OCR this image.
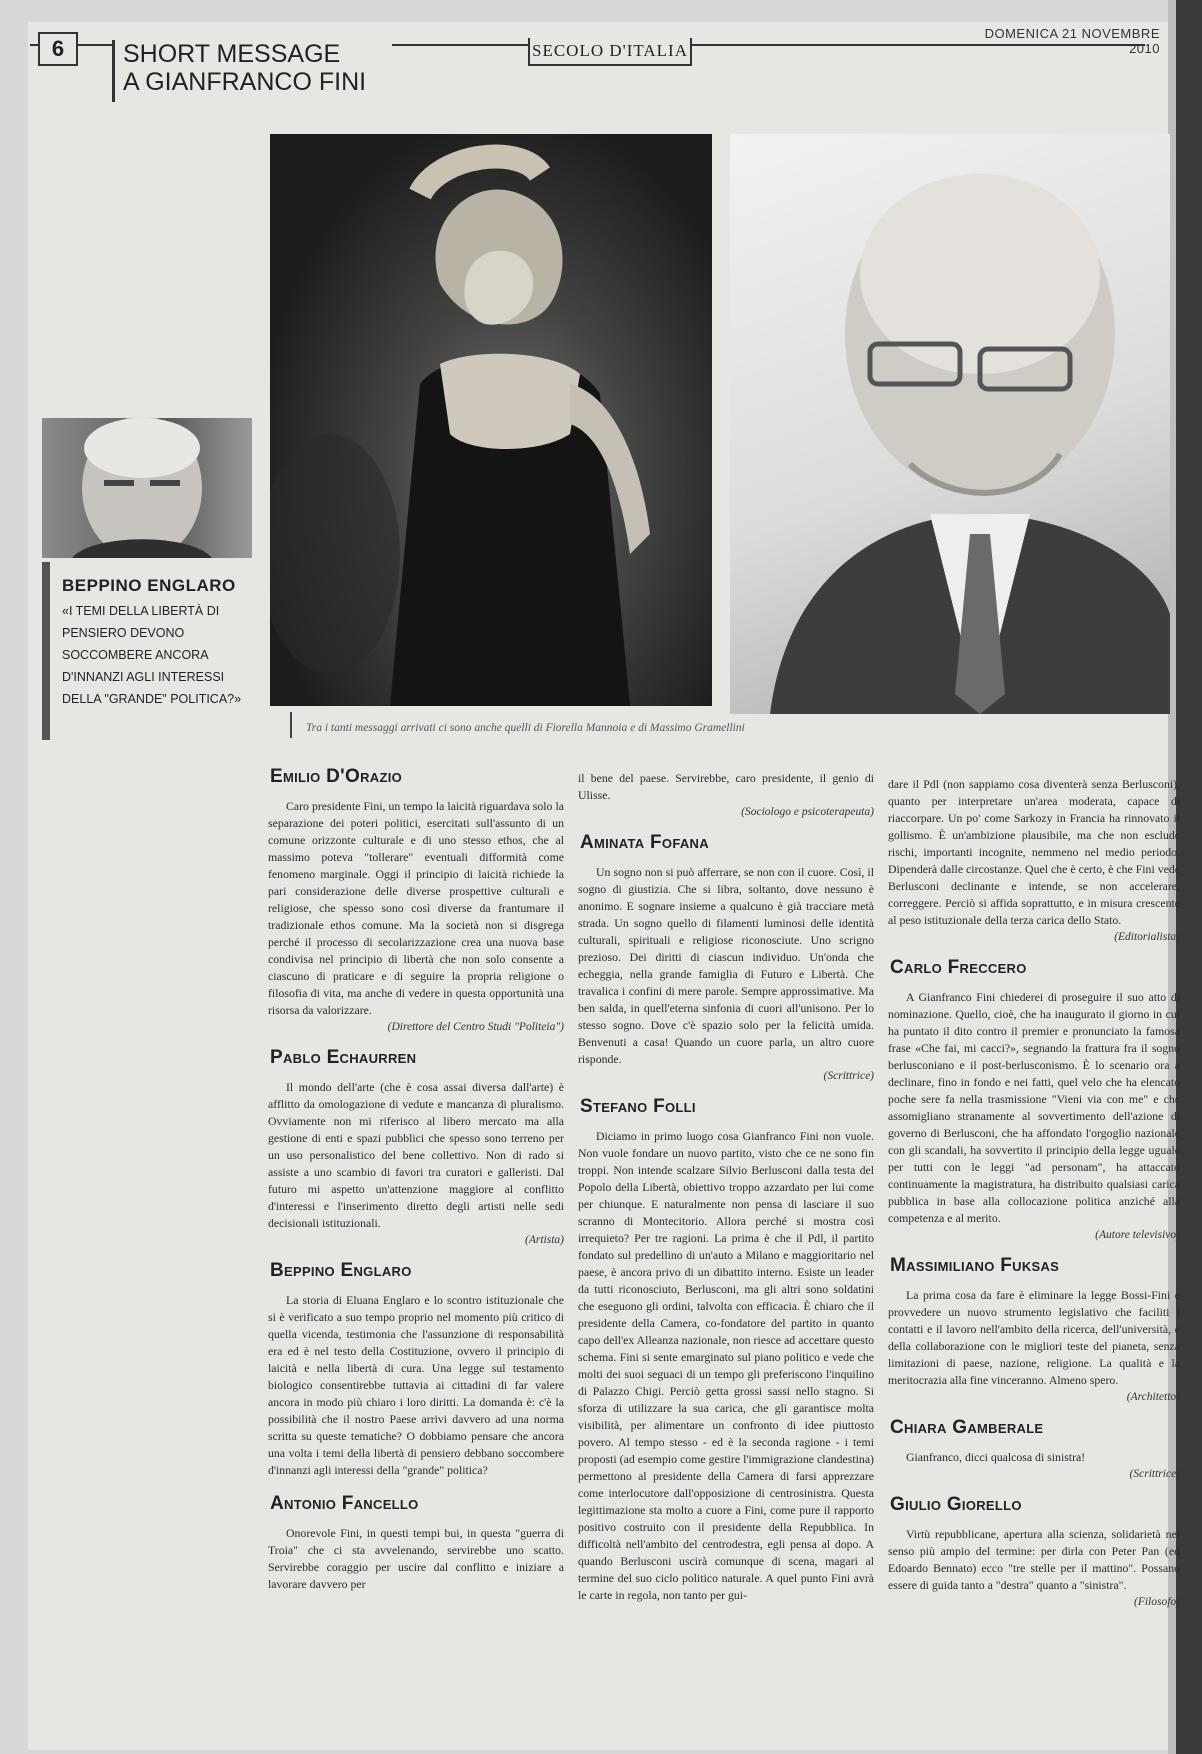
6	SHORT MESSAGE
A GIANFRANCO FINI
SECOLO D'ITALIA
DOMENICA 21 NOVEMBRE 2010
Tra i tanti messaggi arrivati ci sono anche quelli di Fiorella Mannoia e di Massimo Gramellini
BEPPINO ENGLARO
«I TEMI DELLA LIBERTÀ DI PENSIERO DEVONO SOCCOMBERE ANCORA D'INNANZI AGLI INTERESSI DELLA "GRANDE" POLITICA?»
Emilio D'Orazio

Caro presidente Fini, un tempo la laicità riguardava solo la separazione dei poteri politici, esercitati sull'assunto di un comune orizzonte culturale e di uno stesso ethos, che al massimo poteva "tollerare" eventuali difformità come fenomeno marginale. Oggi il principio di laicità richiede la pari considerazione delle diverse prospettive culturali e religiose, che spesso sono così diverse da frantumare il tradizionale ethos comune. Ma la società non si disgrega perché il processo di secolarizzazione crea una nuova base condivisa nel principio di libertà che non solo consente a ciascuno di praticare e di seguire la propria religione o filosofia di vita, ma anche di vedere in questa opportunità una risorsa da valorizzare.

(Direttore del Centro Studi "Politeia")
Pablo Echaurren

Il mondo dell'arte (che è cosa assai diversa dall'arte) è afflitto da omologazione di vedute e mancanza di pluralismo. Ovviamente non mi riferisco al libero mercato ma alla gestione di enti e spazi pubblici che spesso sono terreno per un uso personalistico del bene collettivo. Non di rado si assiste a uno scambio di favori tra curatori e galleristi. Dal futuro mi aspetto un'attenzione maggiore al conflitto d'interessi e l'inserimento diretto degli artisti nelle sedi decisionali istituzionali.

(Artista)
Beppino Englaro

La storia di Eluana Englaro e lo scontro istituzionale che si è verificato a suo tempo proprio nel momento più critico di quella vicenda, testimonia che l'assunzione di responsabilità era ed è nel testo della Costituzione, ovvero il principio di laicità e nella libertà di cura. Una legge sul testamento biologico consentirebbe tuttavia ai cittadini di far valere ancora in modo più chiaro i loro diritti. La domanda è: c'è la possibilità che il nostro Paese arrivi davvero ad una norma scritta su queste tematiche? O dobbiamo pensare che ancora una volta i temi della libertà di pensiero debbano soccombere d'innanzi agli interessi della "grande" politica?

Antonio Fancello

Onorevole Fini, in questi tempi bui, in questa "guerra di Troia" che ci sta avvelenando, servirebbe uno scatto. Servirebbe coraggio per uscire dal conflitto e iniziare a lavorare davvero per

il bene del paese. Servirebbe, caro presidente, il genio di Ulisse.

(Sociologo e psicoterapeuta)
Aminata Fofana

Un sogno non si può afferrare, se non con il cuore. Così, il sogno di giustizia. Che si libra, soltanto, dove nessuno è anonimo. E sognare insieme a qualcuno è già tracciare metà strada. Un sogno quello di filamenti luminosi delle identità culturali, spirituali e religiose riconosciute. Uno scrigno prezioso. Dei diritti di ciascun individuo. Un'onda che echeggia, nella grande famiglia di Futuro e Libertà. Che travalica i confini di mere parole. Sempre approssimative. Ma ben salda, in quell'eterna sinfonia di cuori all'unisono. Per lo stesso sogno. Dove c'è spazio solo per la felicità umida. Benvenuti a casa! Quando un cuore parla, un altro cuore risponde.

(Scrittrice)
Stefano Folli

Diciamo in primo luogo cosa Gianfranco Fini non vuole. Non vuole fondare un nuovo partito, visto che ce ne sono fin troppi. Non intende scalzare Silvio Berlusconi dalla testa del Popolo della Libertà, obiettivo troppo azzardato per lui come per chiunque. E naturalmente non pensa di lasciare il suo scranno di Montecitorio. Allora perché si mostra così irrequieto? Per tre ragioni. La prima è che il Pdl, il partito fondato sul predellino di un'auto a Milano e maggioritario nel paese, è ancora privo di un dibattito interno. Esiste un leader da tutti riconosciuto, Berlusconi, ma gli altri sono soldatini che eseguono gli ordini, talvolta con efficacia. È chiaro che il presidente della Camera, co-fondatore del partito in quanto capo dell'ex Alleanza nazionale, non riesce ad accettare questo schema. Fini si sente emarginato sul piano politico e vede che molti dei suoi seguaci di un tempo gli preferiscono l'inquilino di Palazzo Chigi. Perciò getta grossi sassi nello stagno. Si sforza di utilizzare la sua carica, che gli garantisce molta visibilità, per alimentare un confronto di idee piuttosto povero. Al tempo stesso - ed è la seconda ragione - i temi proposti (ad esempio come gestire l'immigrazione clandestina) permettono al presidente della Camera di farsi apprezzare come interlocutore dall'opposizione di centrosinistra. Questa legittimazione sta molto a cuore a Fini, come pure il rapporto positivo costruito con il presidente della Repubblica. In difficoltà nell'ambito del centrodestra, egli pensa al dopo. A quando Berlusconi uscirà comunque di scena, magari al termine del suo ciclo politico naturale. A quel punto Fini avrà le carte in regola, non tanto per gui-

dare il Pdl (non sappiamo cosa diventerà senza Berlusconi), quanto per interpretare un'area moderata, capace di riaccorpare. Un po' come Sarkozy in Francia ha rinnovato il gollismo. È un'ambizione plausibile, ma che non esclude rischi, importanti incognite, nemmeno nel medio periodo. Dipenderà dalle circostanze. Quel che è certo, è che Fini vede Berlusconi declinante e intende, se non accelerare, correggere. Perciò si affida soprattutto, e in misura crescente al peso istituzionale della terza carica dello Stato.

(Editorialista)
Carlo Freccero

A Gianfranco Fini chiederei di proseguire il suo atto di nominazione. Quello, cioè, che ha inaugurato il giorno in cui ha puntato il dito contro il premier e pronunciato la famosa frase «Che fai, mi cacci?», segnando la frattura fra il sogno berlusconiano e il post-berlusconismo. È lo scenario ora a declinare, fino in fondo e nei fatti, quel velo che ha elencato poche sere fa nella trasmissione "Vieni via con me" e che assomigliano stranamente al sovvertimento dell'azione di governo di Berlusconi, che ha affondato l'orgoglio nazionale con gli scandali, ha sovvertito il principio della legge uguale per tutti con le leggi "ad personam", ha attaccato continuamente la magistratura, ha distribuito qualsiasi carica pubblica in base alla collocazione politica anziché alla competenza e al merito.

(Autore televisivo)
Massimiliano Fuksas

La prima cosa da fare è eliminare la legge Bossi-Fini e provvedere un nuovo strumento legislativo che faciliti i contatti e il lavoro nell'ambito della ricerca, dell'università, e della collaborazione con le migliori teste del pianeta, senza limitazioni di paese, nazione, religione. La qualità e la meritocrazia alla fine vinceranno. Almeno spero.

(Architetto)
Chiara Gamberale

Gianfranco, dicci qualcosa di sinistra!

(Scrittrice)
Giulio Giorello

Virtù repubblicane, apertura alla scienza, solidarietà nel senso più ampio del termine: per dirla con Peter Pan (ed Edoardo Bennato) ecco "tre stelle per il mattino". Possano essere di guida tanto a "destra" quanto a "sinistra".

(Filosofo)
